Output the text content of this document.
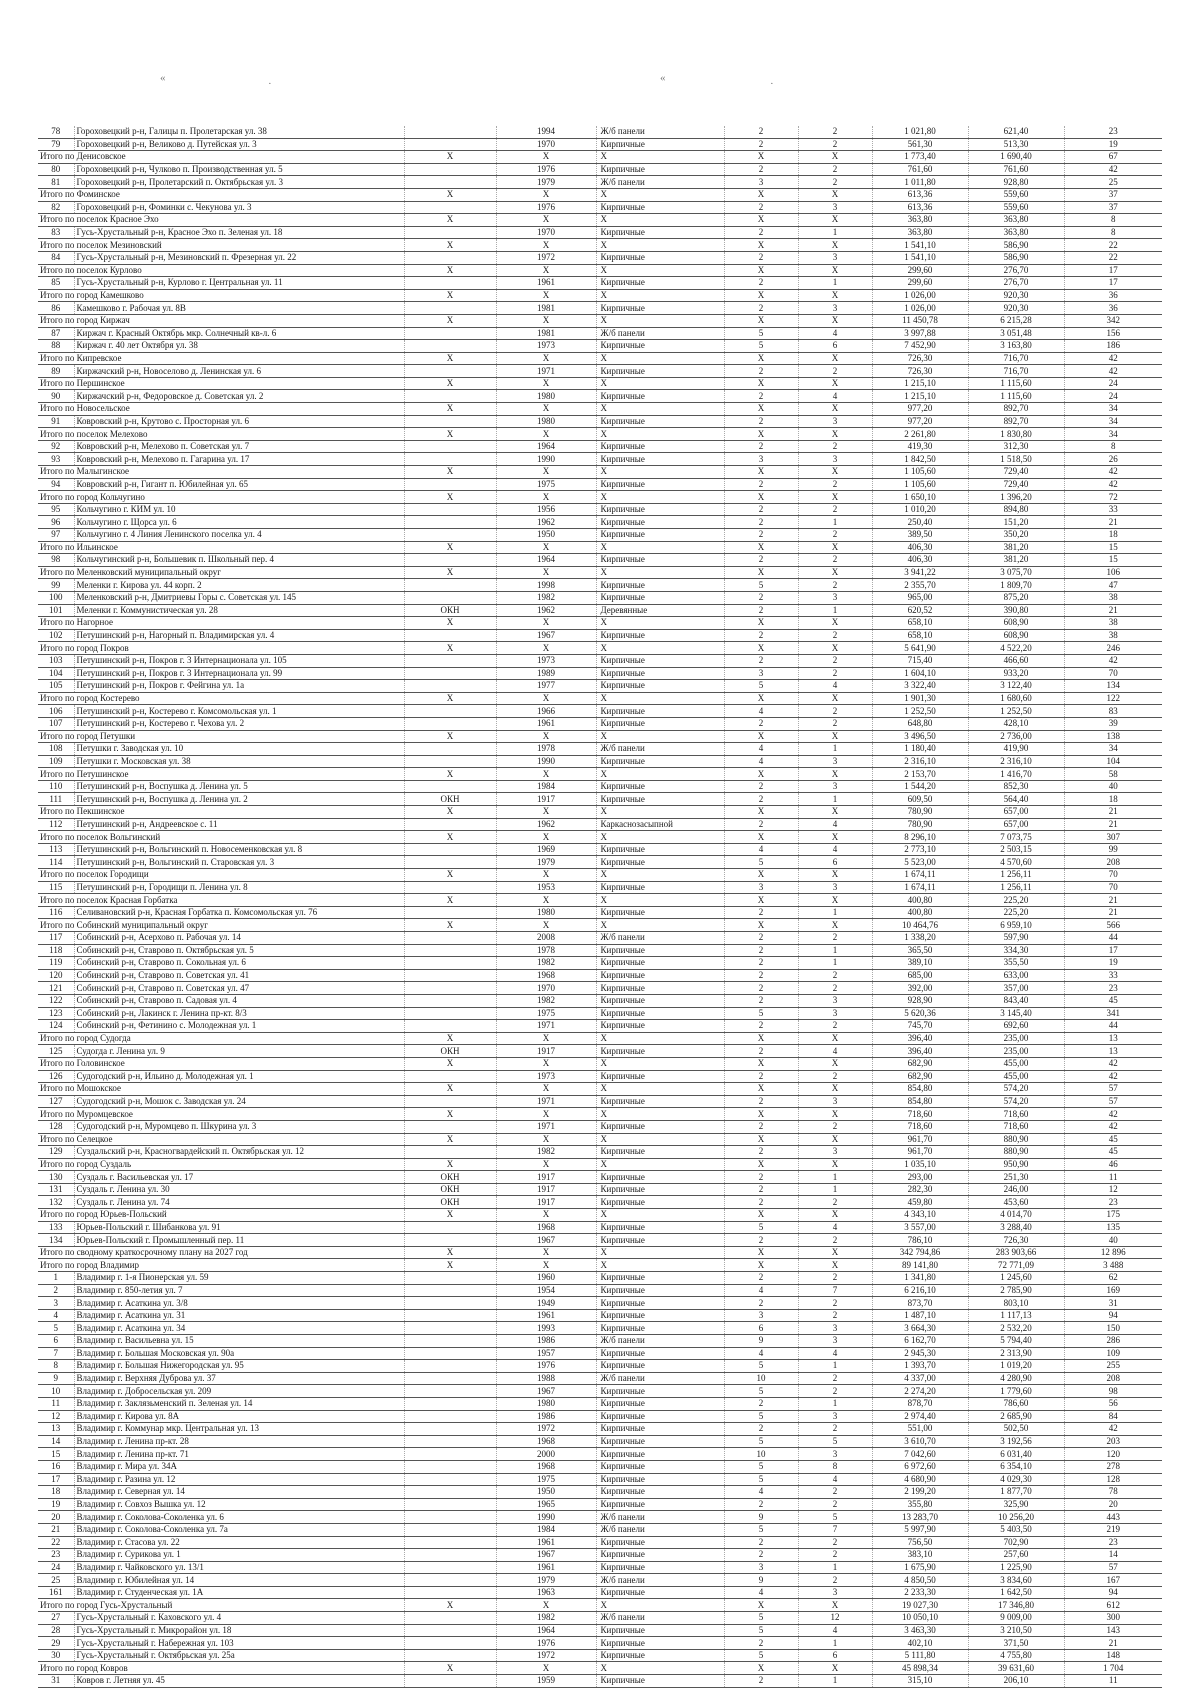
«	·	«	·
78	Гороховецкий р-н, Галицы п. Пролетарская ул. 38		1994	Ж/б панели	2	2	1 021,80	621,40	23
79	Гороховецкий р-н, Великово д. Путейская ул. 3		1970	Кирпичные	2	2	561,30	513,30	19
	Итого по Денисовское	X	X	X	X	X	1 773,40	1 690,40	67
80	Гороховецкий р-н, Чулково п. Производственная ул. 5		1976	Кирпичные	2	2	761,60	761,60	42
81	Гороховецкий р-н, Пролетарский п. Октябрьская ул. 3		1979	Ж/б панели	3	2	1 011,80	928,80	25
	Итого по Фоминское	X	X	X	X	X	613,36	559,60	37
82	Гороховецкий р-н, Фоминки с. Чекунова ул. 3		1976	Кирпичные	2	3	613,36	559,60	37
	Итого по поселок Красное Эхо	X	X	X	X	X	363,80	363,80	8
83	Гусь-Хрустальный р-н, Красное Эхо п. Зеленая ул. 18		1970	Кирпичные	2	1	363,80	363,80	8
	Итого по поселок Мезиновский	X	X	X	X	X	1 541,10	586,90	22
84	Гусь-Хрустальный р-н, Мезиновский п. Фрезерная ул. 22		1972	Кирпичные	2	3	1 541,10	586,90	22
	Итого по поселок Курлово	X	X	X	X	X	299,60	276,70	17
85	Гусь-Хрустальный р-н, Курлово г. Центральная ул. 11		1961	Кирпичные	2	1	299,60	276,70	17
	Итого по город Камешково	X	X	X	X	X	1 026,00	920,30	36
86	Камешково г. Рабочая ул. 8В		1981	Кирпичные	2	3	1 026,00	920,30	36
	Итого по город Киржач	X	X	X	X	X	11 450,78	6 215,28	342
87	Киржач г. Красный Октябрь мкр. Солнечный кв-л. 6		1981	Ж/б панели	5	4	3 997,88	3 051,48	156
88	Киржач г. 40 лет Октября ул. 38		1973	Кирпичные	5	6	7 452,90	3 163,80	186
	Итого по Кипревское	X	X	X	X	X	726,30	716,70	42
89	Киржачский р-н, Новоселово д. Ленинская ул. 6		1971	Кирпичные	2	2	726,30	716,70	42
	Итого по Першинское	X	X	X	X	X	1 215,10	1 115,60	24
90	Киржачский р-н, Федоровское д. Советская ул. 2		1980	Кирпичные	2	4	1 215,10	1 115,60	24
	Итого по Новосельское	X	X	X	X	X	977,20	892,70	34
91	Ковровский р-н, Крутово с. Просторная ул. 6		1980	Кирпичные	2	3	977,20	892,70	34
	Итого по поселок Мелехово	X	X	X	X	X	2 261,80	1 830,80	34
92	Ковровский р-н, Мелехово п. Советская ул. 7		1964	Кирпичные	2	2	419,30	312,30	8
93	Ковровский р-н, Мелехово п. Гагарина ул. 17		1990	Кирпичные	3	3	1 842,50	1 518,50	26
	Итого по Малыгинское	X	X	X	X	X	1 105,60	729,40	42
94	Ковровский р-н, Гигант п. Юбилейная ул. 65		1975	Кирпичные	2	2	1 105,60	729,40	42
	Итого по город Кольчугино	X	X	X	X	X	1 650,10	1 396,20	72
95	Кольчугино г. КИМ ул. 10		1956	Кирпичные	2	2	1 010,20	894,80	33
96	Кольчугино г. Щорса ул. 6		1962	Кирпичные	2	1	250,40	151,20	21
97	Кольчугино г. 4 Линия Ленинского поселка ул. 4		1950	Кирпичные	2	2	389,50	350,20	18
	Итого по Ильинское	X	X	X	X	X	406,30	381,20	15
98	Кольчугинский р-н, Большевик п. Школьный пер. 4		1964	Кирпичные	2	2	406,30	381,20	15
	Итого по Меленковский муниципальный округ	X	X	X	X	X	3 941,22	3 075,70	106
99	Меленки г. Кирова ул. 44 корп. 2		1998	Кирпичные	5	2	2 355,70	1 809,70	47
100	Меленковский р-н, Дмитриевы Горы с. Советская ул. 145		1982	Кирпичные	2	3	965,00	875,20	38
101	Меленки г. Коммунистическая ул. 28	ОКН	1962	Деревянные	2	1	620,52	390,80	21
	Итого по Нагорное	X	X	X	X	X	658,10	608,90	38
102	Петушинский р-н, Нагорный п. Владимирская ул. 4		1967	Кирпичные	2	2	658,10	608,90	38
	Итого по город Покров	X	X	X	X	X	5 641,90	4 522,20	246
103	Петушинский р-н, Покров г. 3 Интернационала ул. 105		1973	Кирпичные	2	2	715,40	466,60	42
104	Петушинский р-н, Покров г. 3 Интернационала ул. 99		1989	Кирпичные	3	2	1 604,10	933,20	70
105	Петушинский р-н, Покров г. Фейгина ул. 1а		1977	Кирпичные	5	4	3 322,40	3 122,40	134
	Итого по город Костерево	X	X	X	X	X	1 901,30	1 680,60	122
106	Петушинский р-н, Костерево г. Комсомольская ул. 1		1966	Кирпичные	4	2	1 252,50	1 252,50	83
107	Петушинский р-н, Костерево г. Чехова ул. 2		1961	Кирпичные	2	2	648,80	428,10	39
	Итого по город Петушки	X	X	X	X	X	3 496,50	2 736,00	138
108	Петушки г. Заводская ул. 10		1978	Ж/б панели	4	1	1 180,40	419,90	34
109	Петушки г. Московская ул. 38		1990	Кирпичные	4	3	2 316,10	2 316,10	104
	Итого по Петушинское	X	X	X	X	X	2 153,70	1 416,70	58
110	Петушинский р-н, Воспушка д. Ленина ул. 5		1984	Кирпичные	2	3	1 544,20	852,30	40
111	Петушинский р-н, Воспушка д. Ленина ул. 2	ОКН	1917	Кирпичные	2	1	609,50	564,40	18
	Итого по Пекшинское	X	X	X	X	X	780,90	657,00	21
112	Петушинский р-н, Андреевское с. 11		1962	Каркаснозасыпной	2	4	780,90	657,00	21
	Итого по поселок Вольгинский	X	X	X	X	X	8 296,10	7 073,75	307
113	Петушинский р-н, Вольгинский п. Новосеменковская ул. 8		1969	Кирпичные	4	4	2 773,10	2 503,15	99
114	Петушинский р-н, Вольгинский п. Старовская ул. 3		1979	Кирпичные	5	6	5 523,00	4 570,60	208
	Итого по поселок Городищи	X	X	X	X	X	1 674,11	1 256,11	70
115	Петушинский р-н, Городищи п. Ленина ул. 8		1953	Кирпичные	3	3	1 674,11	1 256,11	70
	Итого по поселок Красная Горбатка	X	X	X	X	X	400,80	225,20	21
116	Селивановский р-н, Красная Горбатка п. Комсомольская ул. 76		1980	Кирпичные	2	1	400,80	225,20	21
	Итого по Собинский муниципальный округ	X	X	X	X	X	10 464,76	6 959,10	566
117	Собинский р-н, Асерхово п. Рабочая ул. 14		2008	Ж/б панели	2	2	1 338,20	597,90	44
118	Собинский р-н, Ставрово п. Октябрьская ул. 5		1978	Кирпичные	2	1	365,50	334,30	17
119	Собинский р-н, Ставрово п. Сокольная ул. 6		1982	Кирпичные	2	1	389,10	355,50	19
120	Собинский р-н, Ставрово п. Советская ул. 41		1968	Кирпичные	2	2	685,00	633,00	33
121	Собинский р-н, Ставрово п. Советская ул. 47		1970	Кирпичные	2	2	392,00	357,00	23
122	Собинский р-н, Ставрово п. Садовая ул. 4		1982	Кирпичные	2	3	928,90	843,40	45
123	Собинский р-н, Лакинск г. Ленина пр-кт. 8/3		1975	Кирпичные	5	3	5 620,36	3 145,40	341
124	Собинский р-н, Фетинино с. Молодежная ул. 1		1971	Кирпичные	2	2	745,70	692,60	44
	Итого по город Судогда	X	X	X	X	X	396,40	235,00	13
125	Судогда г. Ленина ул. 9	ОКН	1917	Кирпичные	2	4	396,40	235,00	13
	Итого по Головинское	X	X	X	X	X	682,90	455,00	42
126	Судогодский р-н, Ильино д. Молодежная ул. 1		1973	Кирпичные	2	2	682,90	455,00	42
	Итого по Мошокское	X	X	X	X	X	854,80	574,20	57
127	Судогодский р-н, Мошок с. Заводская ул. 24		1971	Кирпичные	2	3	854,80	574,20	57
	Итого по Муромцевское	X	X	X	X	X	718,60	718,60	42
128	Судогодский р-н, Муромцево п. Шкурина ул. 3		1971	Кирпичные	2	2	718,60	718,60	42
	Итого по Селецкое	X	X	X	X	X	961,70	880,90	45
129	Суздальский р-н, Красногвардейский п. Октябрьская ул. 12		1982	Кирпичные	2	3	961,70	880,90	45
	Итого по город Суздаль	X	X	X	X	X	1 035,10	950,90	46
130	Суздаль г. Васильевская ул. 17	ОКН	1917	Кирпичные	2	1	293,00	251,30	11
131	Суздаль г. Ленина ул. 30	ОКН	1917	Кирпичные	2	1	282,30	246,00	12
132	Суздаль г. Ленина ул. 74	ОКН	1917	Кирпичные	2	2	459,80	453,60	23
	Итого по город Юрьев-Польский	X	X	X	X	X	4 343,10	4 014,70	175
133	Юрьев-Польский г. Шибанкова ул. 91		1968	Кирпичные	5	4	3 557,00	3 288,40	135
134	Юрьев-Польский г. Промышленный пер. 11		1967	Кирпичные	2	2	786,10	726,30	40
	Итого по сводному краткосрочному плану на 2027 год	X	X	X	X	X	342 794,86	283 903,66	12 896
	Итого по город Владимир	X	X	X	X	X	89 141,80	72 771,09	3 488
1	Владимир г. 1-я Пионерская ул. 59		1960	Кирпичные	2	2	1 341,80	1 245,60	62
2	Владимир г. 850-летия ул. 7		1954	Кирпичные	4	7	6 216,10	2 785,90	169
3	Владимир г. Асаткина ул. 3/8		1949	Кирпичные	2	2	873,70	803,10	31
4	Владимир г. Асаткина ул. 31		1961	Кирпичные	3	2	1 487,10	1 117,13	94
5	Владимир г. Асаткина ул. 34		1993	Кирпичные	6	3	3 664,30	2 532,20	150
6	Владимир г. Васильевна ул. 15		1986	Ж/б панели	9	3	6 162,70	5 794,40	286
7	Владимир г. Большая Московская ул. 90а		1957	Кирпичные	4	4	2 945,30	2 313,90	109
8	Владимир г. Большая Нижегородская ул. 95		1976	Кирпичные	5	1	1 393,70	1 019,20	255
9	Владимир г. Верхняя Дуброва ул. 37		1988	Ж/б панели	10	2	4 337,00	4 280,90	208
10	Владимир г. Добросельская ул. 209		1967	Кирпичные	5	2	2 274,20	1 779,60	98
11	Владимир г. Заклязьменский п. Зеленая ул. 14		1980	Кирпичные	2	1	878,70	786,60	56
12	Владимир г. Кирова ул. 8А		1986	Кирпичные	5	3	2 974,40	2 685,90	84
13	Владимир г. Коммунар мкр. Центральная ул. 13		1972	Кирпичные	2	2	551,00	502,50	42
14	Владимир г. Ленина пр-кт. 28		1968	Кирпичные	5	5	3 610,70	3 192,56	203
15	Владимир г. Ленина пр-кт. 71		2000	Кирпичные	10	3	7 042,60	6 031,40	120
16	Владимир г. Мира ул. 34А		1968	Кирпичные	5	8	6 972,60	6 354,10	278
17	Владимир г. Разина ул. 12		1975	Кирпичные	5	4	4 680,90	4 029,30	128
18	Владимир г. Северная ул. 14		1950	Кирпичные	4	2	2 199,20	1 877,70	78
19	Владимир г. Совхоз Вышка ул. 12		1965	Кирпичные	2	2	355,80	325,90	20
20	Владимир г. Соколова-Соколенка ул. 6		1990	Ж/б панели	9	5	13 283,70	10 256,20	443
21	Владимир г. Соколова-Соколенка ул. 7а		1984	Ж/б панели	5	7	5 997,90	5 403,50	219
22	Владимир г. Стасова ул. 22		1961	Кирпичные	2	2	756,50	702,90	23
23	Владимир г. Сурикова ул. 1		1967	Кирпичные	2	2	383,10	257,60	14
24	Владимир г. Чайковского ул. 13/1		1961	Кирпичные	3	1	1 675,90	1 225,90	57
25	Владимир г. Юбилейная ул. 14		1979	Ж/б панели	9	2	4 850,50	3 834,60	167
161	Владимир г. Студенческая ул. 1А		1963	Кирпичные	4	3	2 233,30	1 642,50	94
	Итого по город Гусь-Хрустальный	X	X	X	X	X	19 027,30	17 346,80	612
27	Гусь-Хрустальный г. Каховского ул. 4		1982	Ж/б панели	5	12	10 050,10	9 009,00	300
28	Гусь-Хрустальный г. Микрорайон ул. 18		1964	Кирпичные	5	4	3 463,30	3 210,50	143
29	Гусь-Хрустальный г. Набережная ул. 103		1976	Кирпичные	2	1	402,10	371,50	21
30	Гусь-Хрустальный г. Октябрьская ул. 25а		1972	Кирпичные	5	6	5 111,80	4 755,80	148
	Итого по город Ковров	X	X	X	X	X	45 898,34	39 631,60	1 704
31	Ковров г. Летняя ул. 45		1959	Кирпичные	2	1	315,10	206,10	11
